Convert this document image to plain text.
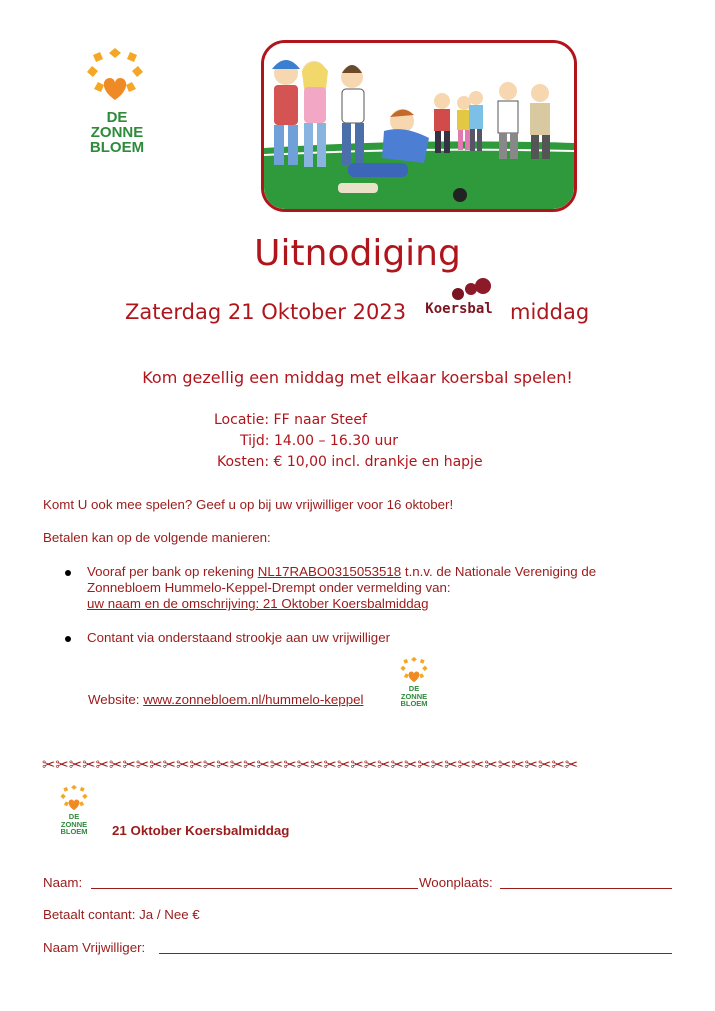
DE
ZONNE
BLOEM
Uitnodiging
Zaterdag 21 Oktober 2023	Koersbal middag
Kom gezellig een middag met elkaar koersbal spelen!
Locatie: FF naar Steef
Tijd: 14.00 – 16.30 uur
Kosten: € 10,00 incl. drankje en hapje
Komt U ook mee spelen? Geef u op bij uw vrijwilliger voor 16 oktober!
Betalen kan op de volgende manieren:
Vooraf per bank op rekening NL17RABO0315053518 t.n.v. de Nationale Vereniging de
Zonnebloem Hummelo-Keppel-Drempt onder vermelding van:
uw naam en de omschrijving: 21 Oktober Koersbalmiddag
Contant via onderstaand strookje aan uw vrijwilliger
Website: www.zonnebloem.nl/hummelo-keppel
DE
ZONNE
BLOEM
✂✂✂✂✂✂✂✂✂✂✂✂✂✂✂✂✂✂✂✂✂✂✂✂✂✂✂✂✂✂✂✂✂✂✂✂✂✂✂✂
DE
ZONNE
BLOEM	21 Oktober Koersbalmiddag
Naam:	Woonplaats:
Betaalt contant: Ja / Nee €
Naam Vrijwilliger:
